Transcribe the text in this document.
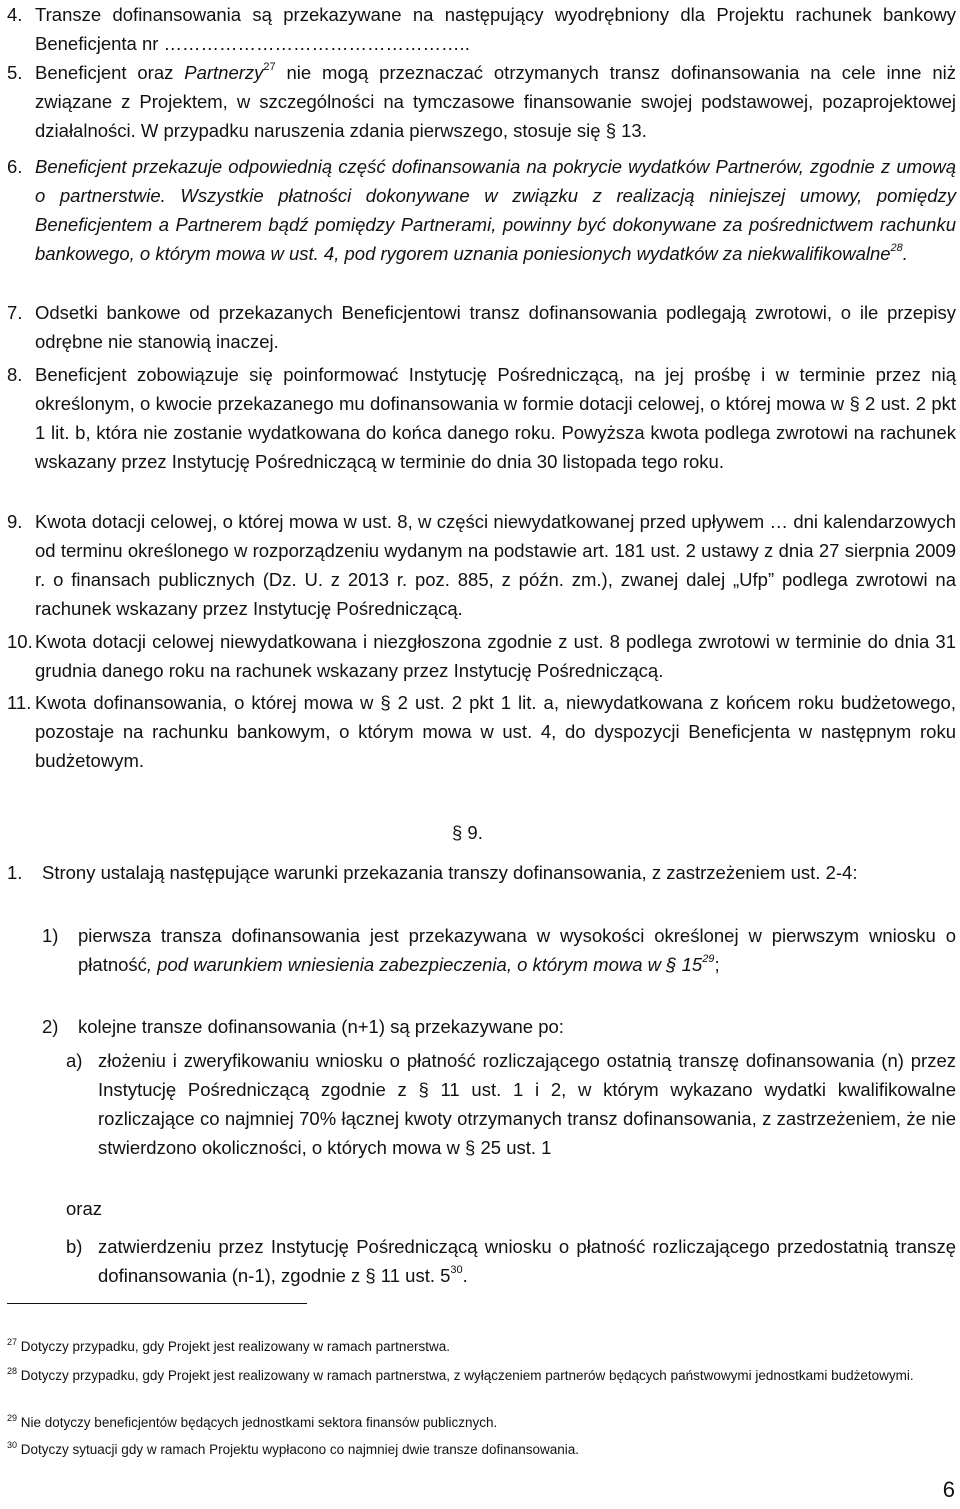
4. Transze dofinansowania są przekazywane na następujący wyodrębniony dla Projektu rachunek bankowy Beneficjenta nr …………………………………………..
5. Beneficjent oraz Partnerzy$^{27}$ nie mogą przeznaczać otrzymanych transz dofinansowania na cele inne niż związane z Projektem, w szczególności na tymczasowe finansowanie swojej podstawowej, pozaprojektowej działalności. W przypadku naruszenia zdania pierwszego, stosuje się § 13.
6. Beneficjent przekazuje odpowiednią część dofinansowania na pokrycie wydatków Partnerów, zgodnie z umową o partnerstwie. Wszystkie płatności dokonywane w związku z realizacją niniejszej umowy, pomiędzy Beneficjentem a Partnerem bądź pomiędzy Partnerami, powinny być dokonywane za pośrednictwem rachunku bankowego, o którym mowa w ust. 4, pod rygorem uznania poniesionych wydatków za niekwalifikowalne$^{28}$.
7. Odsetki bankowe od przekazanych Beneficjentowi transz dofinansowania podlegają zwrotowi, o ile przepisy odrębne nie stanowią inaczej.
8. Beneficjent zobowiązuje się poinformować Instytucję Pośredniczącą, na jej prośbę i w terminie przez nią określonym, o kwocie przekazanego mu dofinansowania w formie dotacji celowej, o której mowa w § 2 ust. 2 pkt 1 lit. b, która nie zostanie wydatkowana do końca danego roku. Powyższa kwota podlega zwrotowi na rachunek wskazany przez Instytucję Pośredniczącą w terminie do dnia 30 listopada tego roku.
9. Kwota dotacji celowej, o której mowa w ust. 8, w części niewydatkowanej przed upływem … dni kalendarzowych od terminu określonego w rozporządzeniu wydanym na podstawie art. 181 ust. 2 ustawy z dnia 27 sierpnia 2009 r. o finansach publicznych (Dz. U. z 2013 r. poz. 885, z późn. zm.), zwanej dalej „Ufp” podlega zwrotowi na rachunek wskazany przez Instytucję Pośredniczącą.
10. Kwota dotacji celowej niewydatkowana i niezgłoszona zgodnie z ust. 8 podlega zwrotowi w terminie do dnia 31 grudnia danego roku na rachunek wskazany przez Instytucję Pośredniczącą.
11. Kwota dofinansowania, o której mowa w § 2 ust. 2 pkt 1 lit. a, niewydatkowana z końcem roku budżetowego, pozostaje na rachunku bankowym, o którym mowa w ust. 4, do dyspozycji Beneficjenta w następnym roku budżetowym.
§ 9.
1.	Strony ustalają następujące warunki przekazania transzy dofinansowania, z zastrzeżeniem ust. 2-4:
1)	pierwsza transza dofinansowania jest przekazywana w wysokości określonej w pierwszym wniosku o płatność, pod warunkiem wniesienia zabezpieczenia, o którym mowa w § $15^{29}$;
2)	kolejne transze dofinansowania (n+1) są przekazywane po:
a) złożeniu i zweryfikowaniu wniosku o płatność rozliczającego ostatnią transzę dofinansowania (n) przez Instytucję Pośredniczącą zgodnie z § 11 ust. 1 i 2, w którym wykazano wydatki kwalifikowalne rozliczające co najmniej 70% łącznej kwoty otrzymanych transz dofinansowania, z zastrzeżeniem, że nie stwierdzono okoliczności, o których mowa w § 25 ust. 1
oraz
b) zatwierdzeniu przez Instytucję Pośredniczącą wniosku o płatność rozliczającego przedostatnią transzę dofinansowania (n-1), zgodnie z § 11 ust. $5^{30}$.
$^{27}$ Dotyczy przypadku, gdy Projekt jest realizowany w ramach partnerstwa.
$^{28}$ Dotyczy przypadku, gdy Projekt jest realizowany w ramach partnerstwa, z wyłączeniem partnerów będących państwowymi jednostkami budżetowymi.
$^{29}$ Nie dotyczy beneficjentów będących jednostkami sektora finansów publicznych.
$^{30}$ Dotyczy sytuacji gdy w ramach Projektu wypłacono co najmniej dwie transze dofinansowania.
6
